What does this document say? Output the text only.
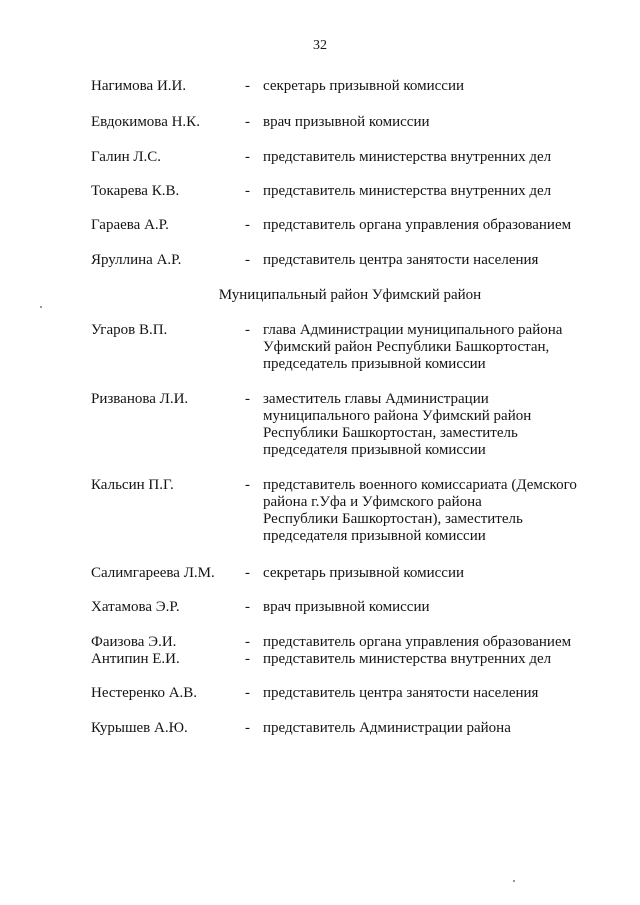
32
Нагимова И.И.	- секретарь призывной комиссии
Евдокимова Н.К.	- врач призывной комиссии
Галин Л.С.	- представитель министерства внутренних дел
Токарева К.В.	- представитель министерства внутренних дел
Гараева А.Р.	- представитель органа управления образованием
Яруллина А.Р.	- представитель центра занятости населения
Муниципальный район Уфимский район
Угаров В.П.	- глава Администрации муниципального района
Уфимский район Республики Башкортостан,
председатель призывной комиссии
Ризванова Л.И.	- заместитель главы Администрации
муниципального района Уфимский район
Республики Башкортостан, заместитель
председателя призывной комиссии
Кальсин П.Г.	- представитель военного комиссариата (Демского
района г.Уфа и Уфимского района
Республики Башкортостан), заместитель
председателя призывной комиссии
Салимгареева Л.М. - секретарь призывной комиссии
Хатамова Э.Р.	- врач призывной комиссии
Фаизова Э.И.	- представитель органа управления образованием
Антипин Е.И.	- представитель министерства внутренних дел
Нестеренко А.В.	- представитель центра занятости населения
Курышев А.Ю.	- представитель Администрации района
